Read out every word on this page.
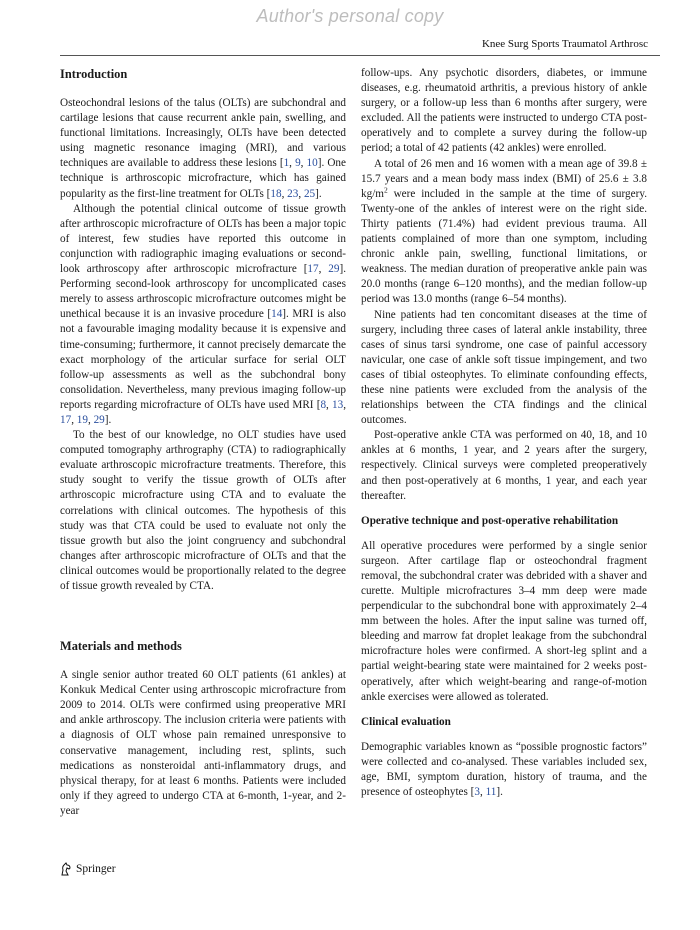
Author's personal copy
Knee Surg Sports Traumatol Arthrosc
Introduction

Osteochondral lesions of the talus (OLTs) are subchondral and cartilage lesions that cause recurrent ankle pain, swelling, and functional limitations. Increasingly, OLTs have been detected using magnetic resonance imaging (MRI), and various techniques are available to address these lesions [1, 9, 10]. One technique is arthroscopic microfracture, which has gained popularity as the first-line treatment for OLTs [18, 23, 25].

Although the potential clinical outcome of tissue growth after arthroscopic microfracture of OLTs has been a major topic of interest, few studies have reported this outcome in conjunction with radiographic imaging evaluations or second-look arthroscopy after arthroscopic microfracture [17, 29]. Performing second-look arthroscopy for uncomplicated cases merely to assess arthroscopic microfracture outcomes might be unethical because it is an invasive procedure [14]. MRI is also not a favourable imaging modality because it is expensive and time-consuming; furthermore, it cannot precisely demarcate the exact morphology of the articular surface for serial OLT follow-up assessments as well as the subchondral bony consolidation. Nevertheless, many previous imaging follow-up reports regarding microfracture of OLTs have used MRI [8, 13, 17, 19, 29].

To the best of our knowledge, no OLT studies have used computed tomography arthrography (CTA) to radiographically evaluate arthroscopic microfracture treatments. Therefore, this study sought to verify the tissue growth of OLTs after arthroscopic microfracture using CTA and to evaluate the correlations with clinical outcomes. The hypothesis of this study was that CTA could be used to evaluate not only the tissue growth but also the joint congruency and subchondral changes after arthroscopic microfracture of OLTs and that the clinical outcomes would be proportionally related to the degree of tissue growth revealed by CTA.

Materials and methods

A single senior author treated 60 OLT patients (61 ankles) at Konkuk Medical Center using arthroscopic microfracture from 2009 to 2014. OLTs were confirmed using preoperative MRI and ankle arthroscopy. The inclusion criteria were patients with a diagnosis of OLT whose pain remained unresponsive to conservative management, including rest, splints, such medications as nonsteroidal anti-inflammatory drugs, and physical therapy, for at least 6 months. Patients were included only if they agreed to undergo CTA at 6-month, 1-year, and 2-year

follow-ups. Any psychotic disorders, diabetes, or immune diseases, e.g. rheumatoid arthritis, a previous history of ankle surgery, or a follow-up less than 6 months after surgery, were excluded. All the patients were instructed to undergo CTA post-operatively and to complete a survey during the follow-up period; a total of 42 patients (42 ankles) were enrolled.

A total of 26 men and 16 women with a mean age of 39.8 ± 15.7 years and a mean body mass index (BMI) of 25.6 ± 3.8 $kg/m^2$ were included in the sample at the time of surgery. Twenty-one of the ankles of interest were on the right side. Thirty patients (71.4%) had evident previous trauma. All patients complained of more than one symptom, including chronic ankle pain, swelling, functional limitations, or weakness. The median duration of preoperative ankle pain was 20.0 months (range 6–120 months), and the median follow-up period was 13.0 months (range 6–54 months).

Nine patients had ten concomitant diseases at the time of surgery, including three cases of lateral ankle instability, three cases of sinus tarsi syndrome, one case of painful accessory navicular, one case of ankle soft tissue impingement, and two cases of tibial osteophytes. To eliminate confounding effects, these nine patients were excluded from the analysis of the relationships between the CTA findings and the clinical outcomes.

Post-operative ankle CTA was performed on 40, 18, and 10 ankles at 6 months, 1 year, and 2 years after the surgery, respectively. Clinical surveys were completed preoperatively and then post-operatively at 6 months, 1 year, and each year thereafter.

Operative technique and post-operative rehabilitation

All operative procedures were performed by a single senior surgeon. After cartilage flap or osteochondral fragment removal, the subchondral crater was debrided with a shaver and curette. Multiple microfractures 3–4 mm deep were made perpendicular to the subchondral bone with approximately 2–4 mm between the holes. After the input saline was turned off, bleeding and marrow fat droplet leakage from the subchondral microfracture holes were confirmed. A short-leg splint and a partial weight-bearing state were maintained for 2 weeks post-operatively, after which weight-bearing and range-of-motion ankle exercises were allowed as tolerated.

Clinical evaluation

Demographic variables known as “possible prognostic factors” were collected and co-analysed. These variables included sex, age, BMI, symptom duration, history of trauma, and the presence of osteophytes [3, 11].

Springer
